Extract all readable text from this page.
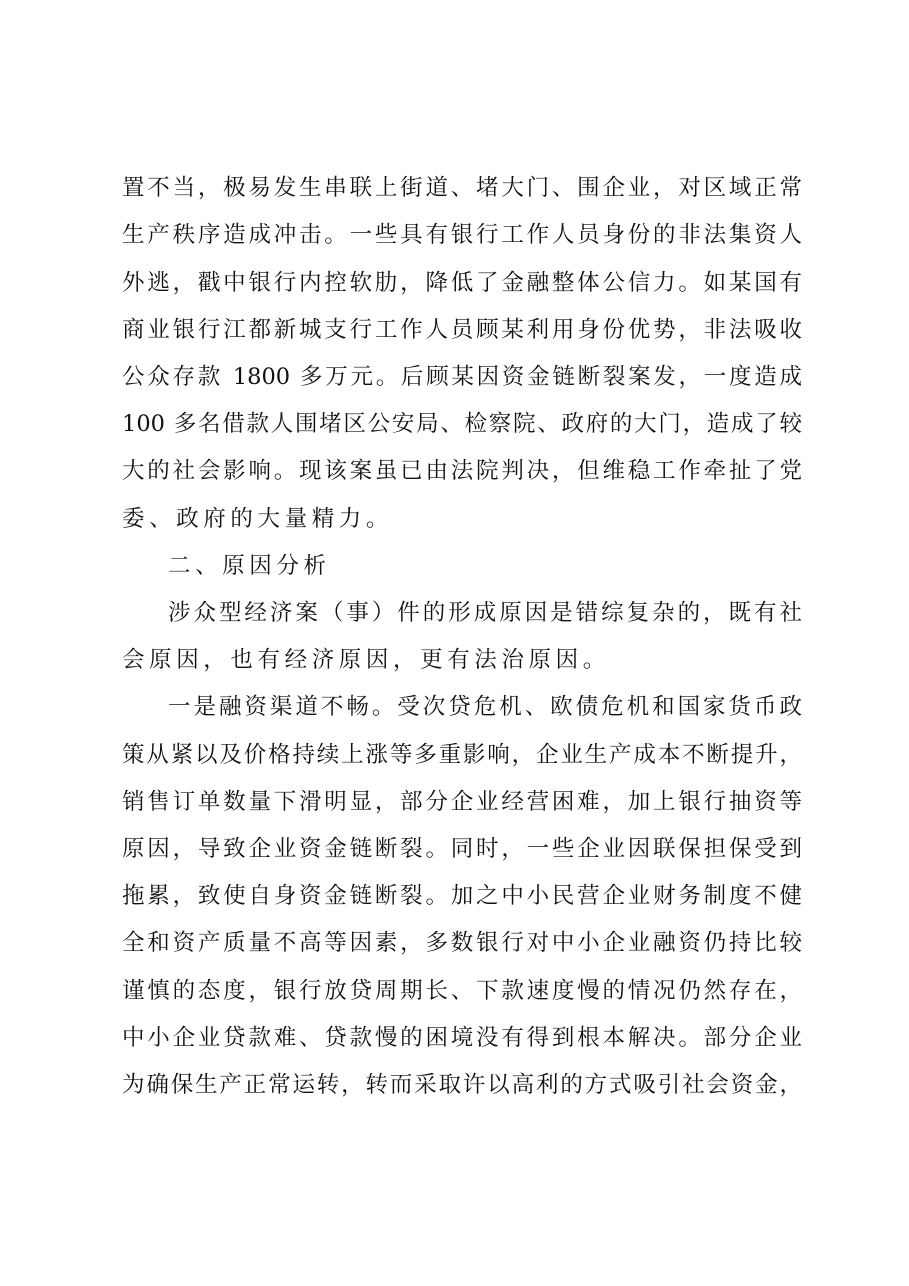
置不当，极易发生串联上街道、堵大门、围企业，对区域正常
生产秩序造成冲击。一些具有银行工作人员身份的非法集资人
外逃，戳中银行内控软肋，降低了金融整体公信力。如某国有
商业银行江都新城支行工作人员顾某利用身份优势，非法吸收
公众存款 1800 多万元。后顾某因资金链断裂案发，一度造成
100 多名借款人围堵区公安局、检察院、政府的大门，造成了较
大的社会影响。现该案虽已由法院判决，但维稳工作牵扯了党
委、政府的大量精力。
二、原因分析
涉众型经济案（事）件的形成原因是错综复杂的，既有社
会原因，也有经济原因，更有法治原因。
一是融资渠道不畅。受次贷危机、欧债危机和国家货币政
策从紧以及价格持续上涨等多重影响，企业生产成本不断提升，
销售订单数量下滑明显，部分企业经营困难，加上银行抽资等
原因，导致企业资金链断裂。同时，一些企业因联保担保受到
拖累，致使自身资金链断裂。加之中小民营企业财务制度不健
全和资产质量不高等因素，多数银行对中小企业融资仍持比较
谨慎的态度，银行放贷周期长、下款速度慢的情况仍然存在，
中小企业贷款难、贷款慢的困境没有得到根本解决。部分企业
为确保生产正常运转，转而采取许以高利的方式吸引社会资金，
